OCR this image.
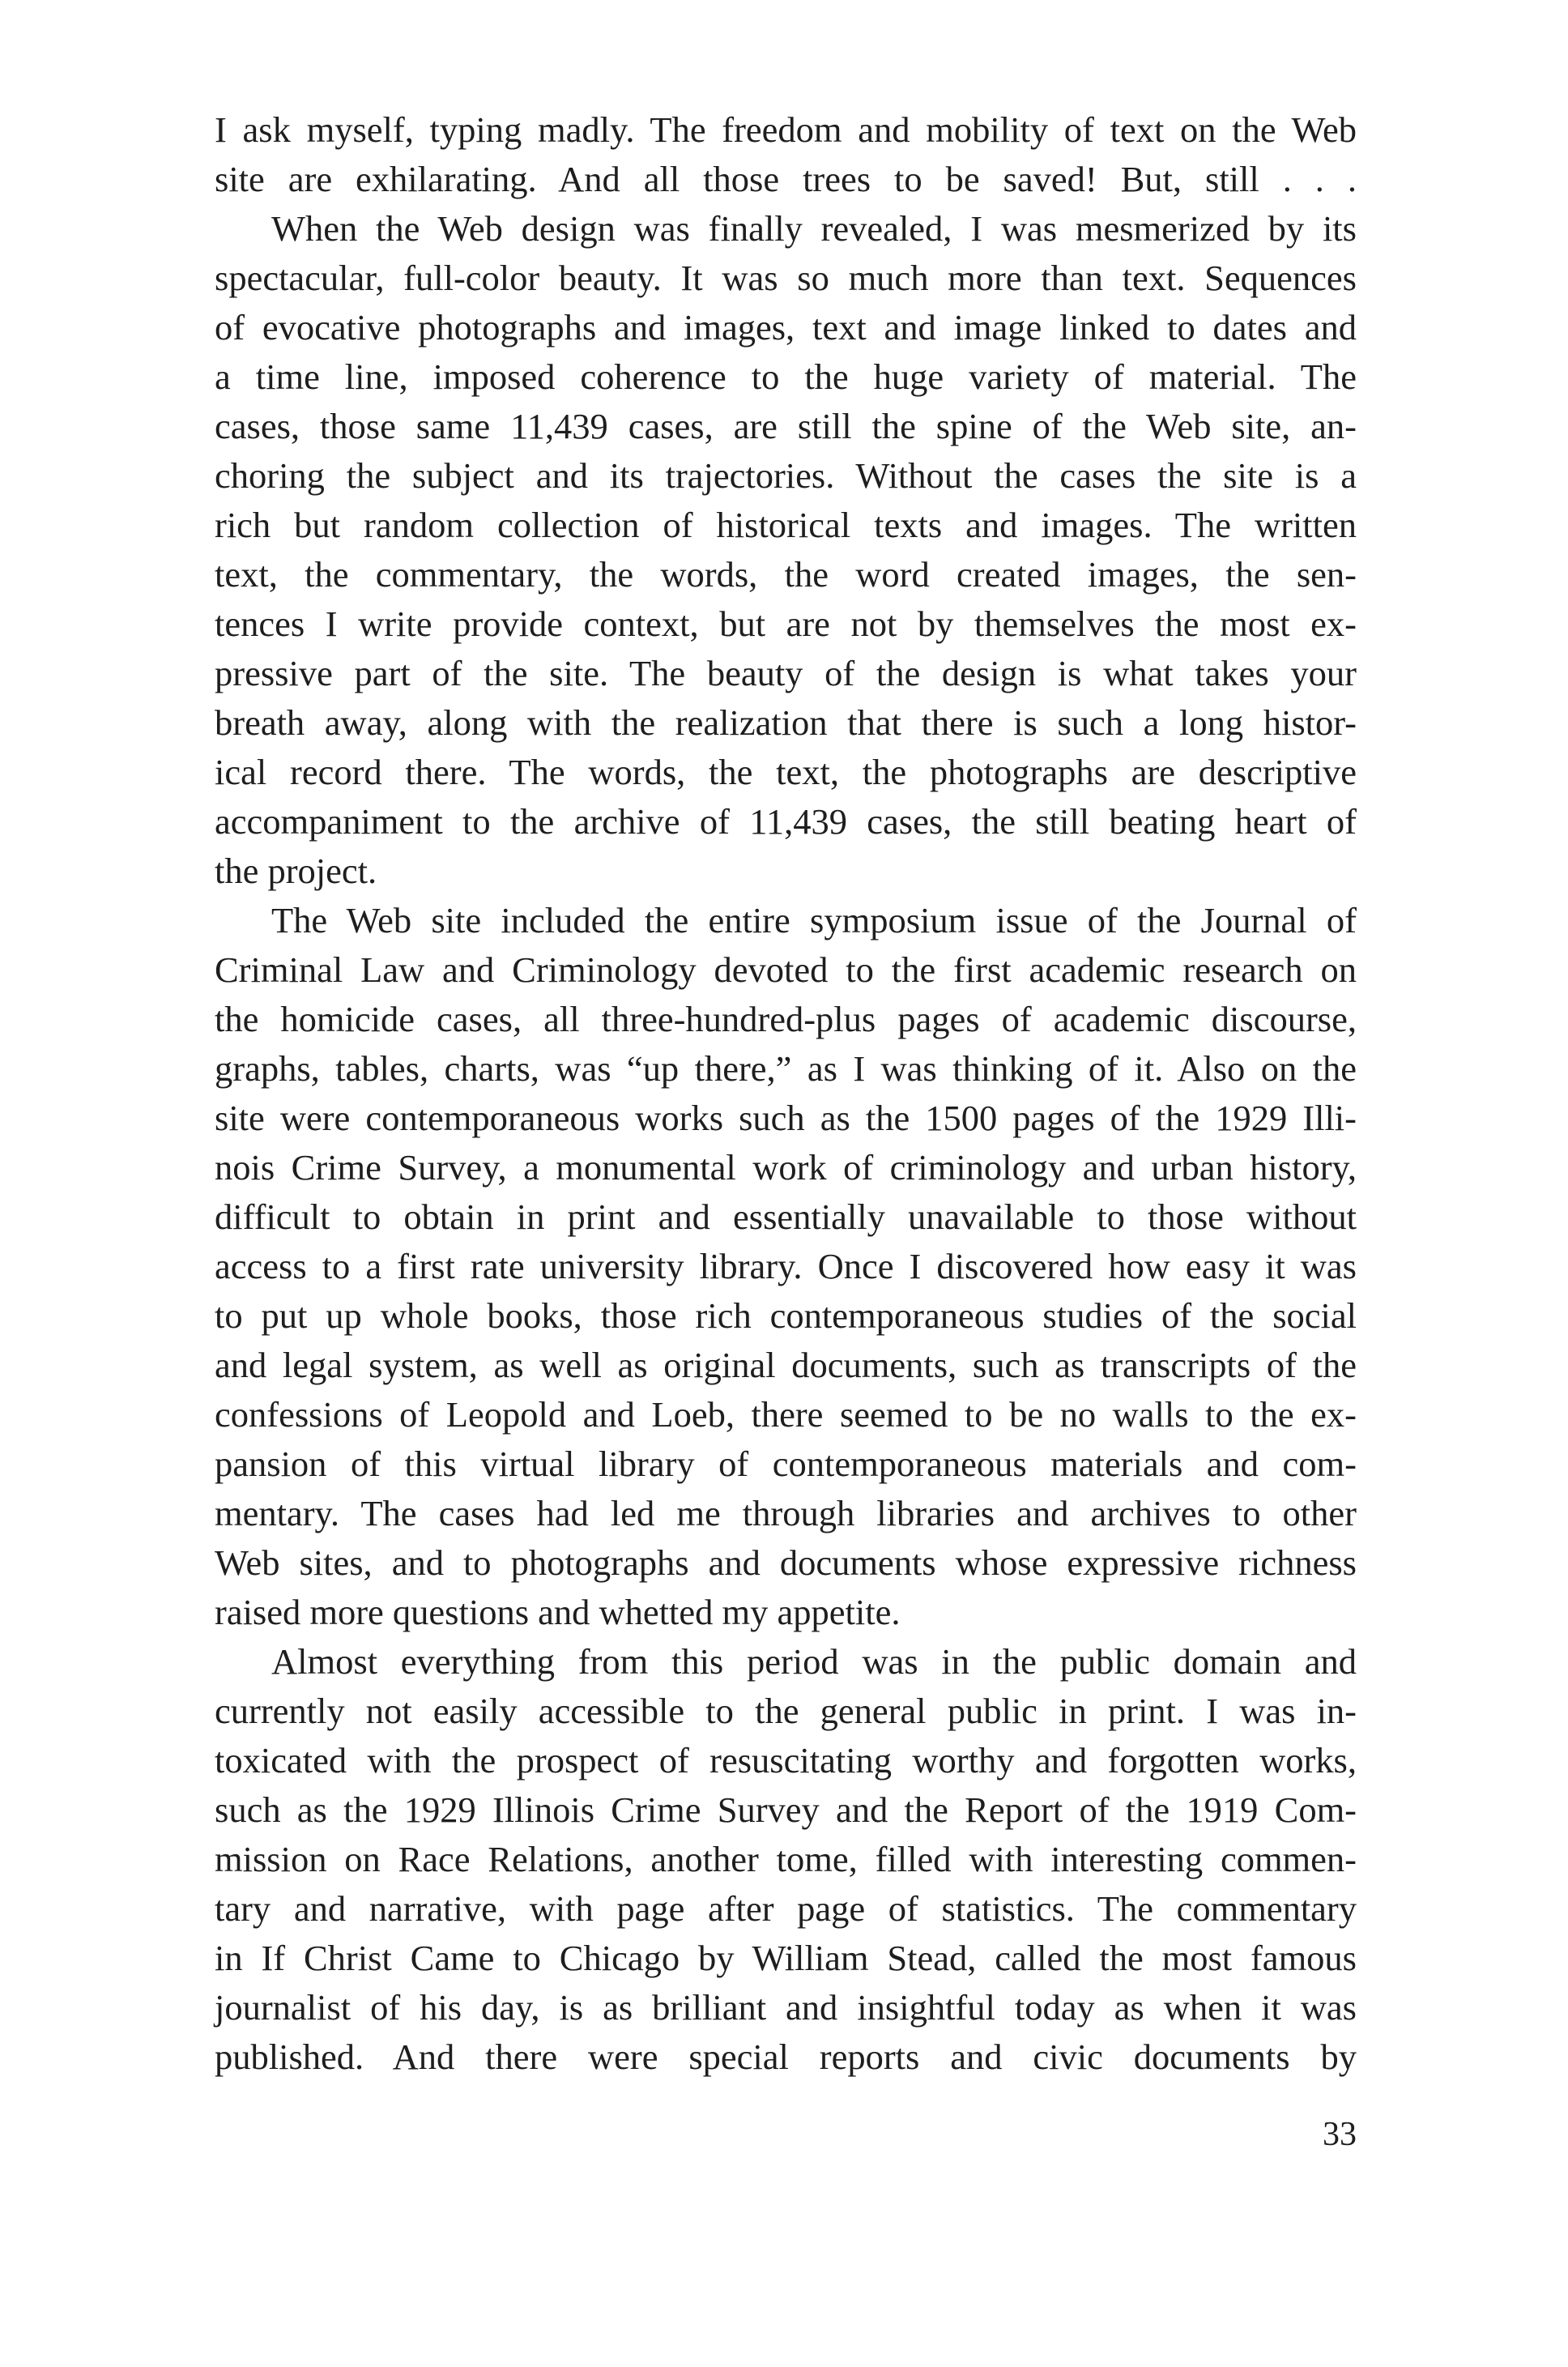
I ask myself, typing madly. The freedom and mobility of text on the Web
site are exhilarating. And all those trees to be saved! But, still . . .
When the Web design was finally revealed, I was mesmerized by its
spectacular, full-color beauty. It was so much more than text. Sequences
of evocative photographs and images, text and image linked to dates and
a time line, imposed coherence to the huge variety of material. The
cases, those same 11,439 cases, are still the spine of the Web site, an-
choring the subject and its trajectories. Without the cases the site is a
rich but random collection of historical texts and images. The written
text, the commentary, the words, the word created images, the sen-
tences I write provide context, but are not by themselves the most ex-
pressive part of the site. The beauty of the design is what takes your
breath away, along with the realization that there is such a long histor-
ical record there. The words, the text, the photographs are descriptive
accompaniment to the archive of 11,439 cases, the still beating heart of
the project.
The Web site included the entire symposium issue of the Journal of
Criminal Law and Criminology devoted to the first academic research on
the homicide cases, all three-hundred-plus pages of academic discourse,
graphs, tables, charts, was “up there,” as I was thinking of it. Also on the
site were contemporaneous works such as the 1500 pages of the 1929 Illi-
nois Crime Survey, a monumental work of criminology and urban history,
difficult to obtain in print and essentially unavailable to those without
access to a first rate university library. Once I discovered how easy it was
to put up whole books, those rich contemporaneous studies of the social
and legal system, as well as original documents, such as transcripts of the
confessions of Leopold and Loeb, there seemed to be no walls to the ex-
pansion of this virtual library of contemporaneous materials and com-
mentary. The cases had led me through libraries and archives to other
Web sites, and to photographs and documents whose expressive richness
raised more questions and whetted my appetite.
Almost everything from this period was in the public domain and
currently not easily accessible to the general public in print. I was in-
toxicated with the prospect of resuscitating worthy and forgotten works,
such as the 1929 Illinois Crime Survey and the Report of the 1919 Com-
mission on Race Relations, another tome, filled with interesting commen-
tary and narrative, with page after page of statistics. The commentary
in If Christ Came to Chicago by William Stead, called the most famous
journalist of his day, is as brilliant and insightful today as when it was
published. And there were special reports and civic documents by
33
